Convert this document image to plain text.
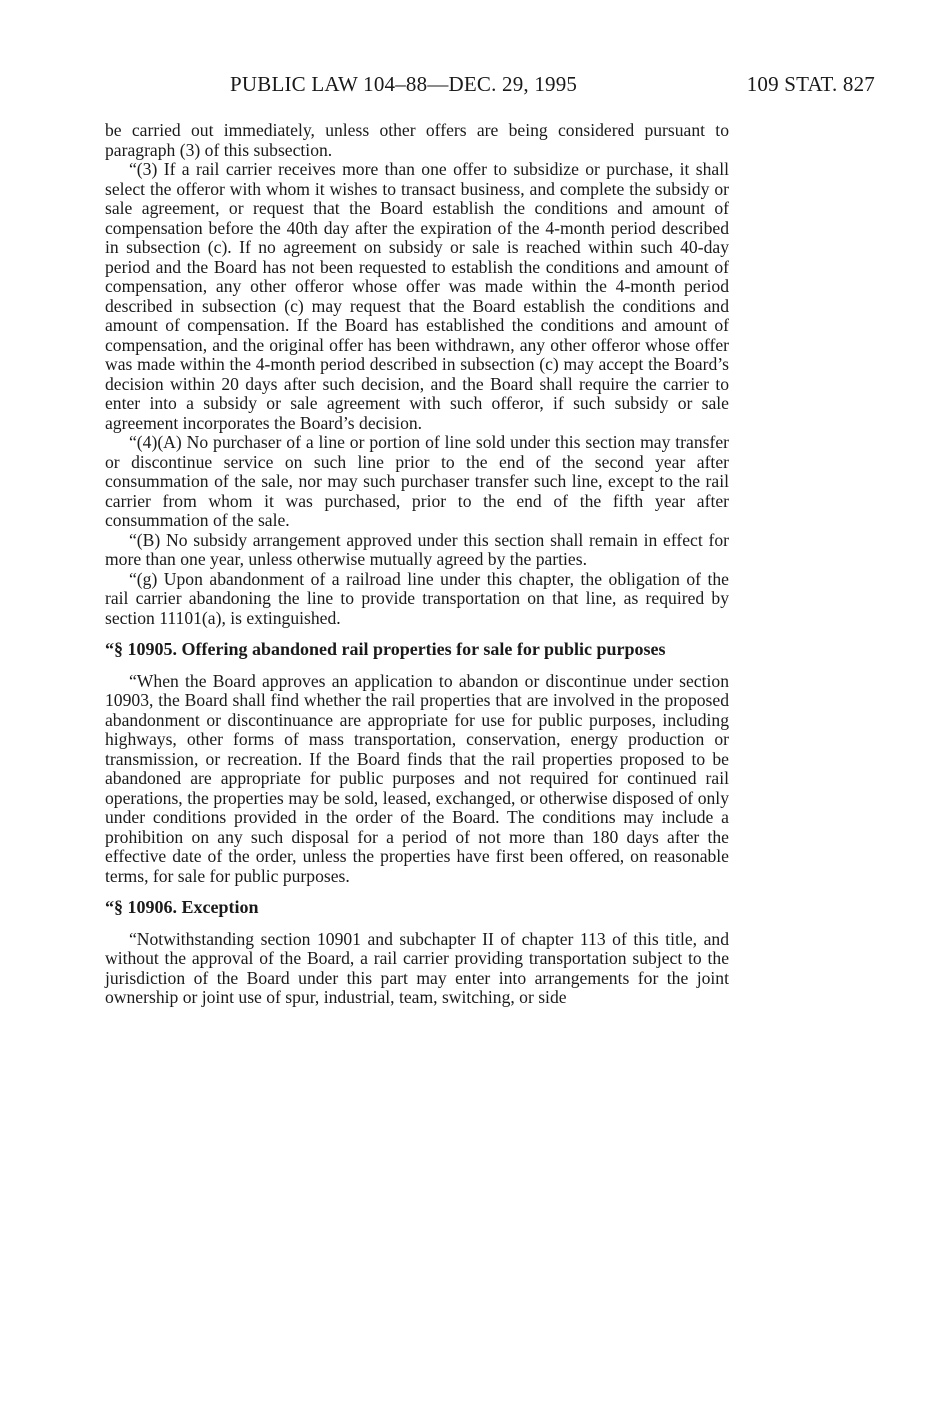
PUBLIC LAW 104–88—DEC. 29, 1995	109 STAT. 827

be carried out immediately, unless other offers are being considered pursuant to paragraph (3) of this subsection.

“(3) If a rail carrier receives more than one offer to subsidize or purchase, it shall select the offeror with whom it wishes to transact business, and complete the subsidy or sale agreement, or request that the Board establish the conditions and amount of compensation before the 40th day after the expiration of the 4-month period described in subsection (c). If no agreement on subsidy or sale is reached within such 40-day period and the Board has not been requested to establish the conditions and amount of compensation, any other offeror whose offer was made within the 4-month period described in subsection (c) may request that the Board establish the conditions and amount of compensation. If the Board has established the conditions and amount of compensation, and the original offer has been withdrawn, any other offeror whose offer was made within the 4-month period described in subsection (c) may accept the Board’s decision within 20 days after such decision, and the Board shall require the carrier to enter into a subsidy or sale agreement with such offeror, if such subsidy or sale agreement incorporates the Board’s decision.

“(4)(A) No purchaser of a line or portion of line sold under this section may transfer or discontinue service on such line prior to the end of the second year after consummation of the sale, nor may such purchaser transfer such line, except to the rail carrier from whom it was purchased, prior to the end of the fifth year after consummation of the sale.

“(B) No subsidy arrangement approved under this section shall remain in effect for more than one year, unless otherwise mutually agreed by the parties.

“(g) Upon abandonment of a railroad line under this chapter, the obligation of the rail carrier abandoning the line to provide transportation on that line, as required by section 11101(a), is extinguished.

“§ 10905. Offering abandoned rail properties for sale for public purposes

“When the Board approves an application to abandon or discontinue under section 10903, the Board shall find whether the rail properties that are involved in the proposed abandonment or discontinuance are appropriate for use for public purposes, including highways, other forms of mass transportation, conservation, energy production or transmission, or recreation. If the Board finds that the rail properties proposed to be abandoned are appropriate for public purposes and not required for continued rail operations, the properties may be sold, leased, exchanged, or otherwise disposed of only under conditions provided in the order of the Board. The conditions may include a prohibition on any such disposal for a period of not more than 180 days after the effective date of the order, unless the properties have first been offered, on reasonable terms, for sale for public purposes.

“§ 10906. Exception

“Notwithstanding section 10901 and subchapter II of chapter 113 of this title, and without the approval of the Board, a rail carrier providing transportation subject to the jurisdiction of the Board under this part may enter into arrangements for the joint ownership or joint use of spur, industrial, team, switching, or side
